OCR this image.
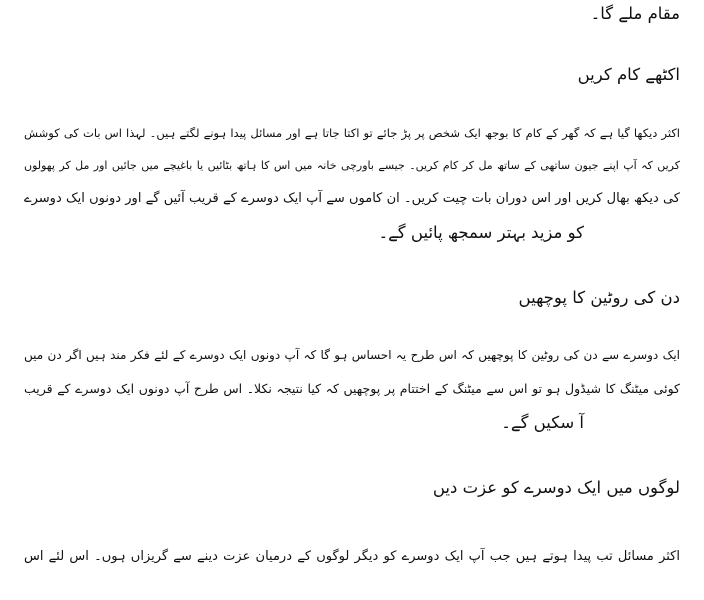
مقام ملے گا۔
اکٹھے کام کریں
اکثر دیکھا گیا ہے کہ گھر کے کام کا بوجھ ایک شخص پر پڑ جائے تو اکتا جاتا ہے اور مسائل پیدا ہونے لگتے ہیں۔ لہذا اس بات کی کوشش
کریں کہ آپ اپنے جیون ساتھی کے ساتھ مل کر کام کریں۔ جیسے باورچی خانہ میں اس کا ہاتھ بٹائیں یا باغیچے میں جائیں اور مل کر پھولوں
کی دیکھ بھال کریں اور اس دوران بات چیت کریں۔ ان کاموں سے آپ ایک دوسرے کے قریب آئیں گے اور دونوں ایک دوسرے
کو مزید بہتر سمجھ پائیں گے۔
دن کی روٹین کا پوچھیں
ایک دوسرے سے دن کی روٹین کا پوچھیں کہ اس طرح یہ احساس ہو گا کہ آپ دونوں ایک دوسرے کے لئے فکر مند ہیں اگر دن میں
کوئی میٹنگ کا شیڈول ہو تو اس سے میٹنگ کے اختتام پر پوچھیں کہ کیا نتیجہ نکلا۔ اس طرح آپ دونوں ایک دوسرے کے قریب
آ سکیں گے۔
لوگوں میں ایک دوسرے کو عزت دیں
اکثر مسائل تب پیدا ہوتے ہیں جب آپ ایک دوسرے کو دیگر لوگوں کے درمیان عزت دینے سے گریزاں ہوں۔ اس لئے اس
